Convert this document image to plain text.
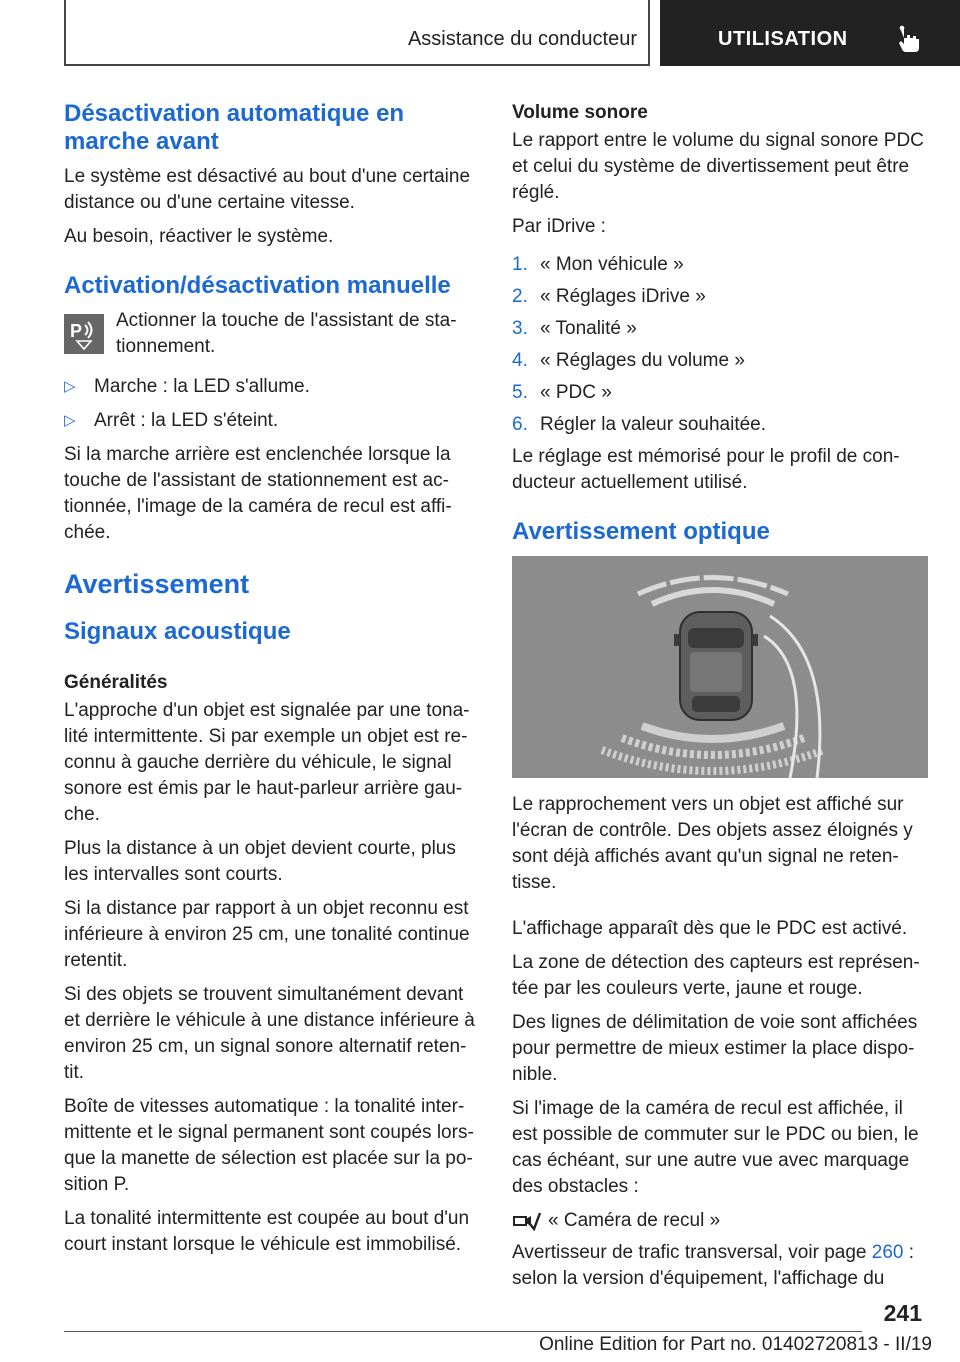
Assistance du conducteur	UTILISATION
Désactivation automatique en marche avant

Le système est désactivé au bout d'une certaine distance ou d'une certaine vitesse.

Au besoin, réactiver le système.

Activation/désactivation manuelle
P Actionner la touche de l'assistant de sta-tionnement.

▷ Marche : la LED s'allume.
▷ Arrêt : la LED s'éteint.

Si la marche arrière est enclenchée lorsque la touche de l'assistant de stationnement est ac-tionnée, l'image de la caméra de recul est affi-chée.

Avertissement
Signaux acoustique
Généralités

L'approche d'un objet est signalée par une tona-lité intermittente. Si par exemple un objet est re-connu à gauche derrière du véhicule, le signal sonore est émis par le haut-parleur arrière gau-che.

Plus la distance à un objet devient courte, plus les intervalles sont courts.

Si la distance par rapport à un objet reconnu est inférieure à environ 25 cm, une tonalité continue retentit.

Si des objets se trouvent simultanément devant et derrière le véhicule à une distance inférieure à environ 25 cm, un signal sonore alternatif reten-tit.

Boîte de vitesses automatique : la tonalité inter-mittente et le signal permanent sont coupés lors-que la manette de sélection est placée sur la po-sition P.

La tonalité intermittente est coupée au bout d'un court instant lorsque le véhicule est immobilisé.

Volume sonore

Le rapport entre le volume du signal sonore PDC et celui du système de divertissement peut être réglé.

Par iDrive :

1. « Mon véhicule »
2. « Réglages iDrive »
3. « Tonalité »
4. « Réglages du volume »
5. « PDC »
6. Régler la valeur souhaitée.

Le réglage est mémorisé pour le profil de con-ducteur actuellement utilisé.

Avertissement optique

Le rapprochement vers un objet est affiché sur l'écran de contrôle. Des objets assez éloignés y sont déjà affichés avant qu'un signal ne reten-tisse.

L'affichage apparaît dès que le PDC est activé.

La zone de détection des capteurs est représen-tée par les couleurs verte, jaune et rouge.

Des lignes de délimitation de voie sont affichées pour permettre de mieux estimer la place dispo-nible.

Si l'image de la caméra de recul est affichée, il est possible de commuter sur le PDC ou bien, le cas échéant, sur une autre vue avec marquage des obstacles :

« Caméra de recul »

Avertisseur de trafic transversal, voir page 260 : selon la version d'équipement, l'affichage du

241
Online Edition for Part no. 01402720813 - II/19
